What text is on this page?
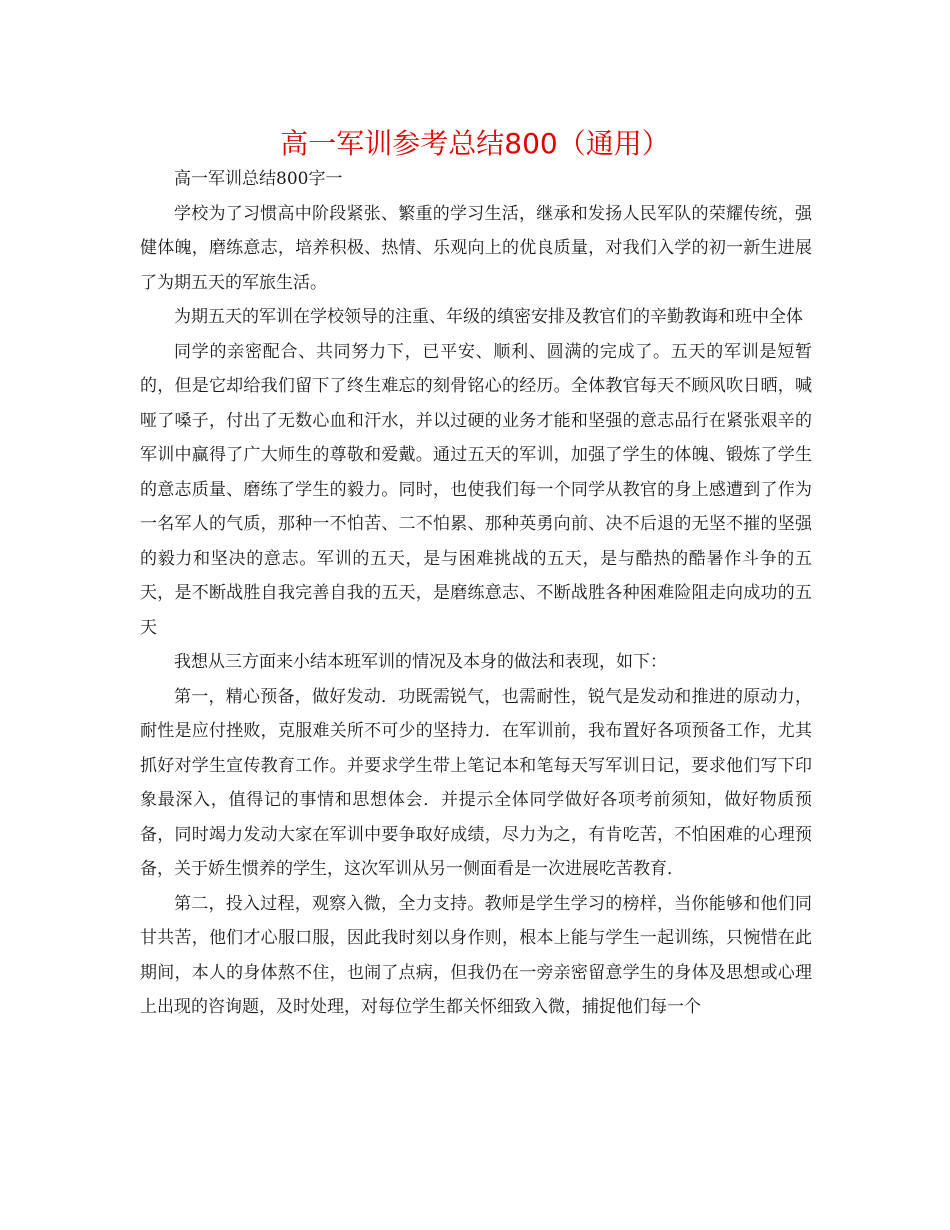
高一军训参考总结800（通用）

高一军训总结800字一

学校为了习惯高中阶段紧张、繁重的学习生活，继承和发扬人民军队的荣耀传统，强健体魄，磨练意志，培养积极、热情、乐观向上的优良质量，对我们入学的初一新生进展了为期五天的军旅生活。

为期五天的军训在学校领导的注重、年级的缜密安排及教官们的辛勤教诲和班中全体

同学的亲密配合、共同努力下，已平安、顺利、圆满的完成了。五天的军训是短暂的，但是它却给我们留下了终生难忘的刻骨铭心的经历。全体教官每天不顾风吹日晒，喊哑了嗓子，付出了无数心血和汗水，并以过硬的业务才能和坚强的意志品行在紧张艰辛的军训中赢得了广大师生的尊敬和爱戴。通过五天的军训，加强了学生的体魄、锻炼了学生的意志质量、磨练了学生的毅力。同时，也使我们每一个同学从教官的身上感遭到了作为一名军人的气质，那种一不怕苦、二不怕累、那种英勇向前、决不后退的无坚不摧的坚强的毅力和坚决的意志。军训的五天，是与困难挑战的五天，是与酷热的酷暑作斗争的五天，是不断战胜自我完善自我的五天，是磨练意志、不断战胜各种困难险阻走向成功的五天

我想从三方面来小结本班军训的情况及本身的做法和表现，如下：

第一，精心预备，做好发动．功既需锐气，也需耐性，锐气是发动和推进的原动力，耐性是应付挫败，克服难关所不可少的坚持力．在军训前，我布置好各项预备工作，尤其抓好对学生宣传教育工作。并要求学生带上笔记本和笔每天写军训日记，要求他们写下印象最深入，值得记的事情和思想体会．并提示全体同学做好各项考前须知，做好物质预备，同时竭力发动大家在军训中要争取好成绩，尽力为之，有肯吃苦，不怕困难的心理预备，关于娇生惯养的学生，这次军训从另一侧面看是一次进展吃苦教育．

第二，投入过程，观察入微，全力支持。教师是学生学习的榜样，当你能够和他们同甘共苦，他们才心服口服，因此我时刻以身作则，根本上能与学生一起训练，只惋惜在此期间，本人的身体熬不住，也闹了点病，但我仍在一旁亲密留意学生的身体及思想或心理上出现的咨询题，及时处理，对每位学生都关怀细致入微，捕捉他们每一个
